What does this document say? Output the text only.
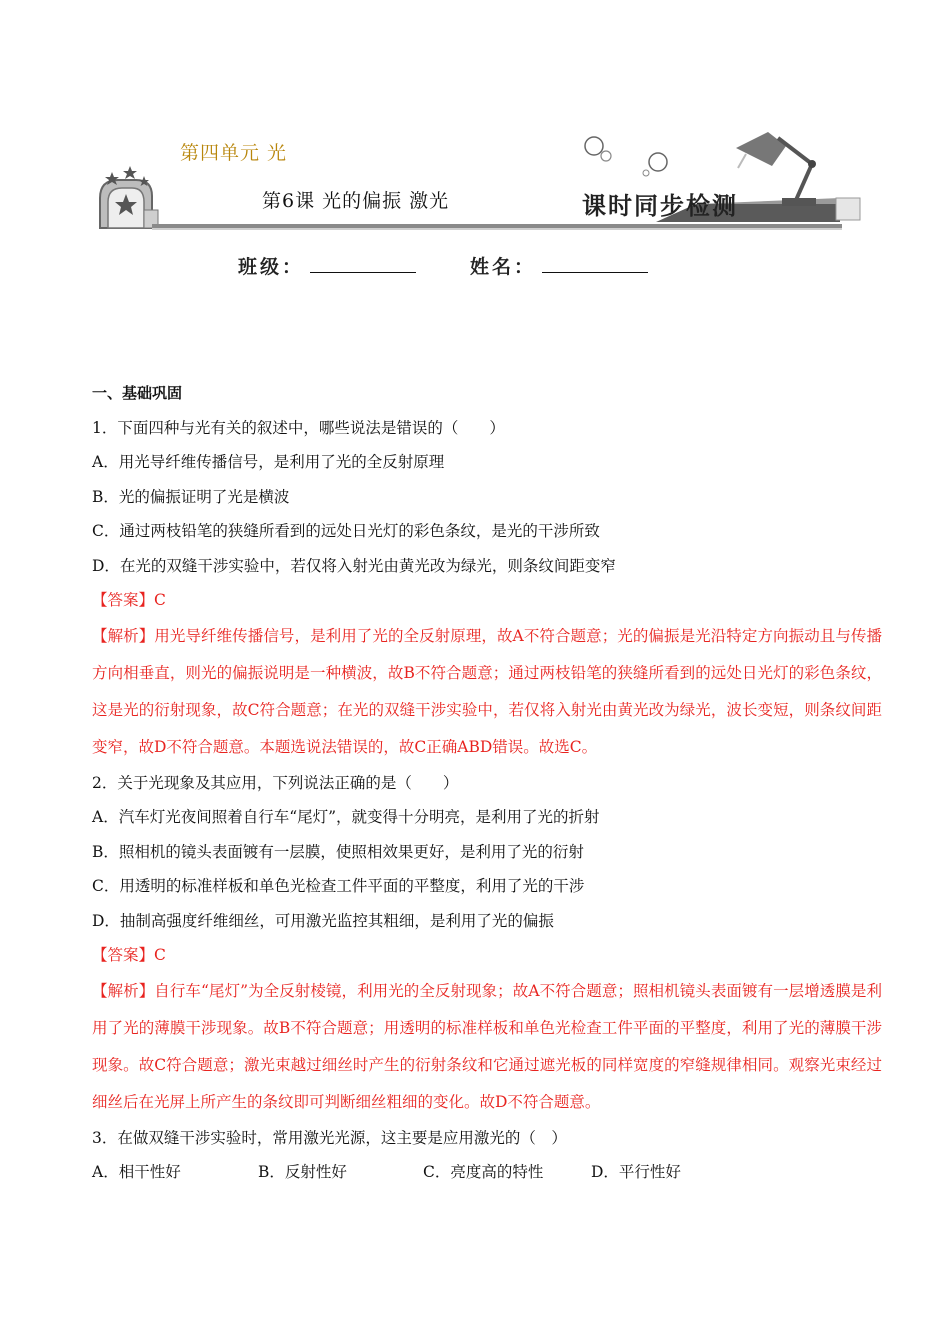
第四单元 光
第6课 光的偏振 激光	课时同步检测
班级：	姓名：

一、基础巩固

1．下面四种与光有关的叙述中，哪些说法是错误的（　　）

A．用光导纤维传播信号，是利用了光的全反射原理

B．光的偏振证明了光是横波

C．通过两枝铅笔的狭缝所看到的远处日光灯的彩色条纹，是光的干涉所致

D．在光的双缝干涉实验中，若仅将入射光由黄光改为绿光，则条纹间距变窄

【答案】C

【解析】用光导纤维传播信号，是利用了光的全反射原理，故A不符合题意；光的偏振是光沿特定方向振动且与传播方向相垂直，则光的偏振说明是一种横波，故B不符合题意；通过两枝铅笔的狭缝所看到的远处日光灯的彩色条纹，这是光的衍射现象，故C符合题意；在光的双缝干涉实验中，若仅将入射光由黄光改为绿光，波长变短，则条纹间距变窄，故D不符合题意。本题选说法错误的，故C正确ABD错误。故选C。

2．关于光现象及其应用，下列说法正确的是（　　）

A．汽车灯光夜间照着自行车“尾灯”，就变得十分明亮，是利用了光的折射

B．照相机的镜头表面镀有一层膜，使照相效果更好，是利用了光的衍射

C．用透明的标准样板和单色光检查工件平面的平整度，利用了光的干涉

D．抽制高强度纤维细丝，可用激光监控其粗细，是利用了光的偏振

【答案】C

【解析】自行车“尾灯”为全反射棱镜，利用光的全反射现象；故A不符合题意；照相机镜头表面镀有一层增透膜是利用了光的薄膜干涉现象。故B不符合题意；用透明的标准样板和单色光检查工件平面的平整度，利用了光的薄膜干涉现象。故C符合题意；激光束越过细丝时产生的衍射条纹和它通过遮光板的同样宽度的窄缝规律相同。观察光束经过细丝后在光屏上所产生的条纹即可判断细丝粗细的变化。故D不符合题意。

3．在做双缝干涉实验时，常用激光光源，这主要是应用激光的（　）

A．相干性好	B．反射性好	C．亮度高的特性	D．平行性好
